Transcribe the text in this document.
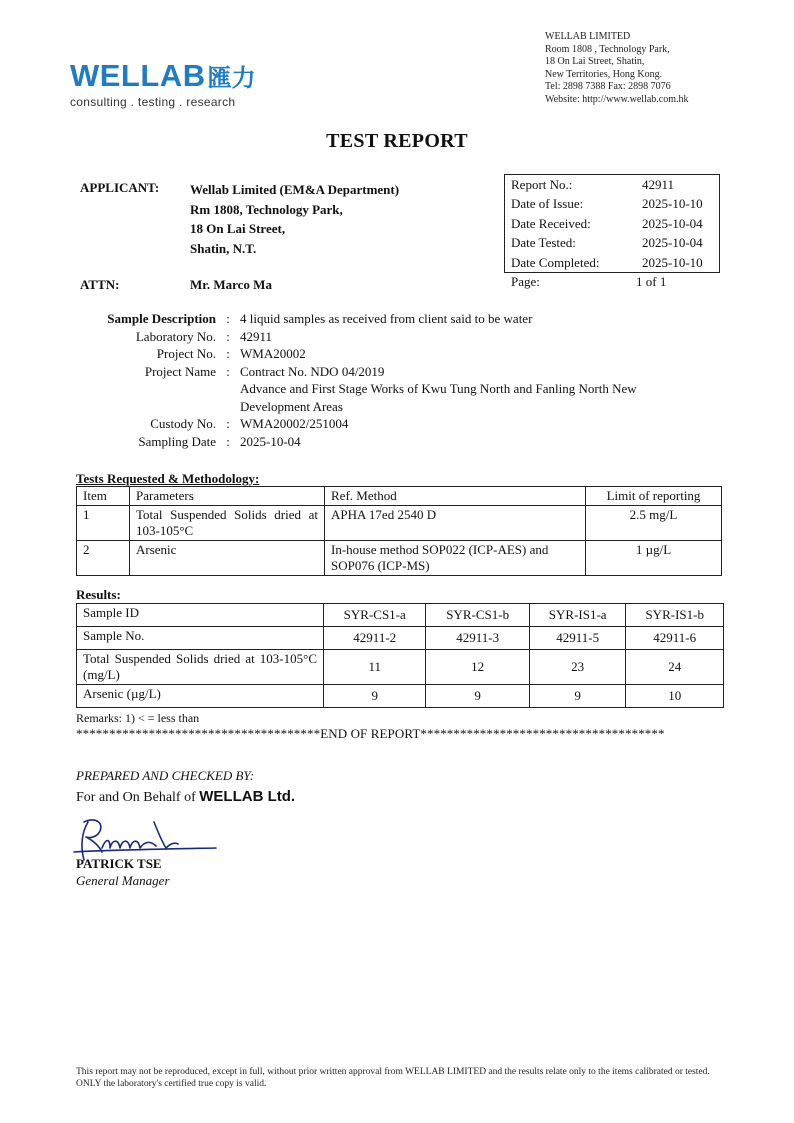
WELLAB匯力
consulting . testing . research
WELLAB LIMITED
Room 1808 , Technology Park,
18 On Lai Street, Shatin,
New Territories, Hong Kong.
Tel: 2898 7388 Fax: 2898 7076
Website: http://www.wellab.com.hk
TEST REPORT
APPLICANT: Wellab Limited (EM&A Department)
Rm 1808, Technology Park,
18 On Lai Street,
Shatin, N.T.
ATTN:	Mr. Marco Ma
Report No.:	42911
Date of Issue:	2025-10-10
Date Received:	2025-10-04
Date Tested:	2025-10-04
Date Completed:	2025-10-10
Page:	1 of 1
Sample Description : 4 liquid samples as received from client said to be water
Laboratory No. : 42911
Project No. : WMA20002
Project Name : Contract No. NDO 04/2019
Advance and First Stage Works of Kwu Tung North and Fanling North New
Development Areas
Custody No. : WMA20002/251004
Sampling Date : 2025-10-04
Tests Requested & Methodology:
Item	Parameters	Ref. Method	Limit of reporting
1	Total Suspended Solids dried at 103-105°C	APHA 17ed 2540 D	2.5 mg/L
2	Arsenic	In-house method SOP022 (ICP-AES) and SOP076 (ICP-MS)	1 µg/L
Results:
Sample ID	SYR-CS1-a	SYR-CS1-b	SYR-IS1-a	SYR-IS1-b
Sample No.	42911-2	42911-3	42911-5	42911-6
Total Suspended Solids dried at 103-105°C (mg/L)	11	12	23	24
Arsenic (µg/L)	9	9	9	10
Remarks: 1) < = less than
*************************************END OF REPORT*************************************
PREPARED AND CHECKED BY:
For and On Behalf of WELLAB Ltd.
PATRICK TSE
General Manager
This report may not be reproduced, except in full, without prior written approval from WELLAB LIMITED and the results relate only to the items calibrated or tested. ONLY the laboratory's certified true copy is valid.
